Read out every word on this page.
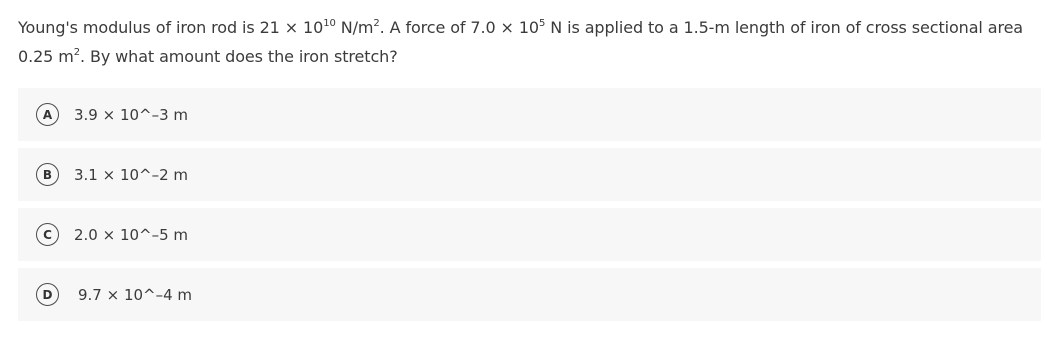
Young's modulus of iron rod is $21 \times 10^{10}$ $N/m^2$. A force of $7.0 \times 10^5$ N is applied to a 1.5-m length of iron of cross sectional area 0.25 $m^2$. By what amount does the iron stretch?
A	3.9 × 10^–3 m
B	3.1 × 10^–2 m
C	2.0 × 10^–5 m
D	9.7 × 10^–4 m
